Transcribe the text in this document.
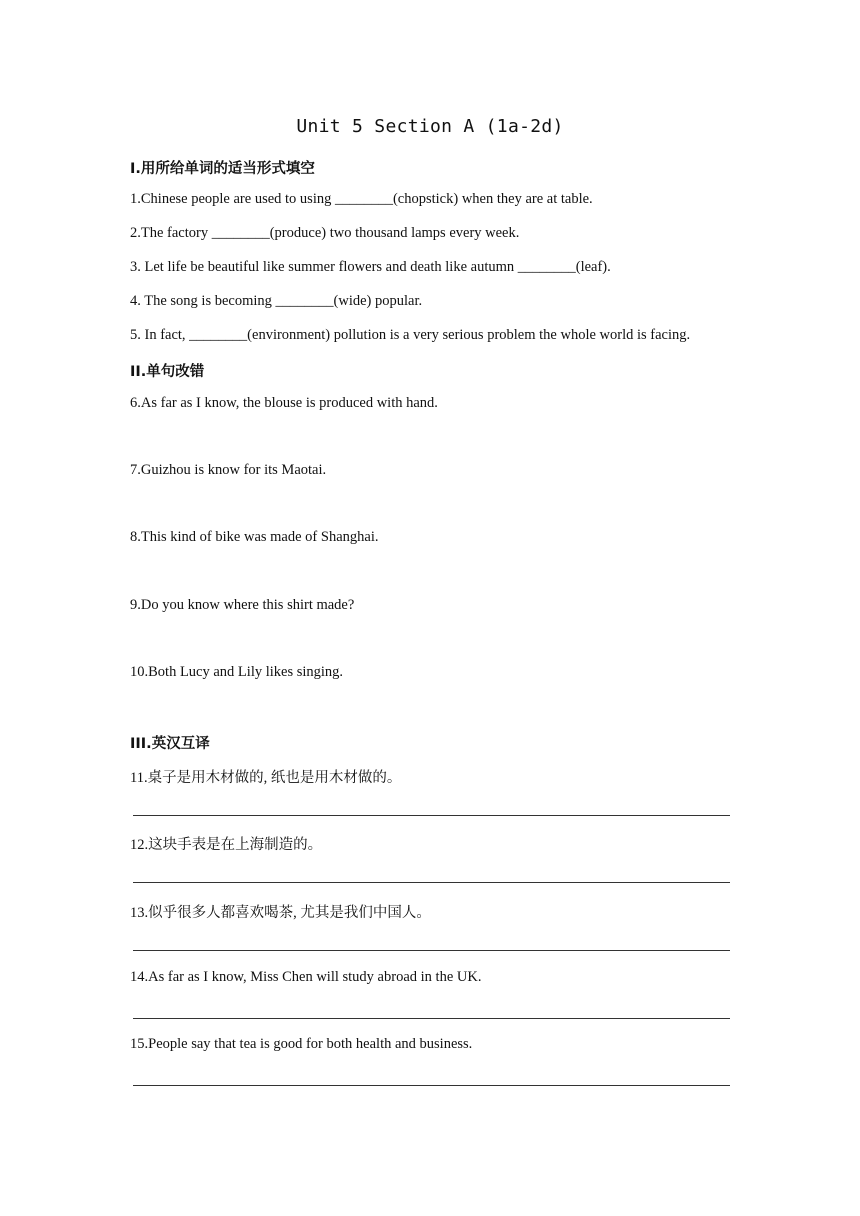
Unit 5 Section A (1a-2d)
I.用所给单词的适当形式填空
1.Chinese people are used to using ________(chopstick) when they are at table.
2.The factory ________(produce) two thousand lamps every week.
3. Let life be beautiful like summer flowers and death like autumn ________(leaf).
4. The song is becoming ________(wide) popular.
5. In fact, ________(environment) pollution is a very serious problem the whole world is facing.
II.单句改错
6.As far as I know, the blouse is produced with hand.
7.Guizhou is know for its Maotai.
8.This kind of bike was made of Shanghai.
9.Do you know where this shirt made?
10.Both Lucy and Lily likes singing.
III.英汉互译
11.桌子是用木材做的, 纸也是用木材做的。
12.这块手表是在上海制造的。
13.似乎很多人都喜欢喝茶, 尤其是我们中国人。
14.As far as I know, Miss Chen will study abroad in the UK.
15.People say that tea is good for both health and business.
